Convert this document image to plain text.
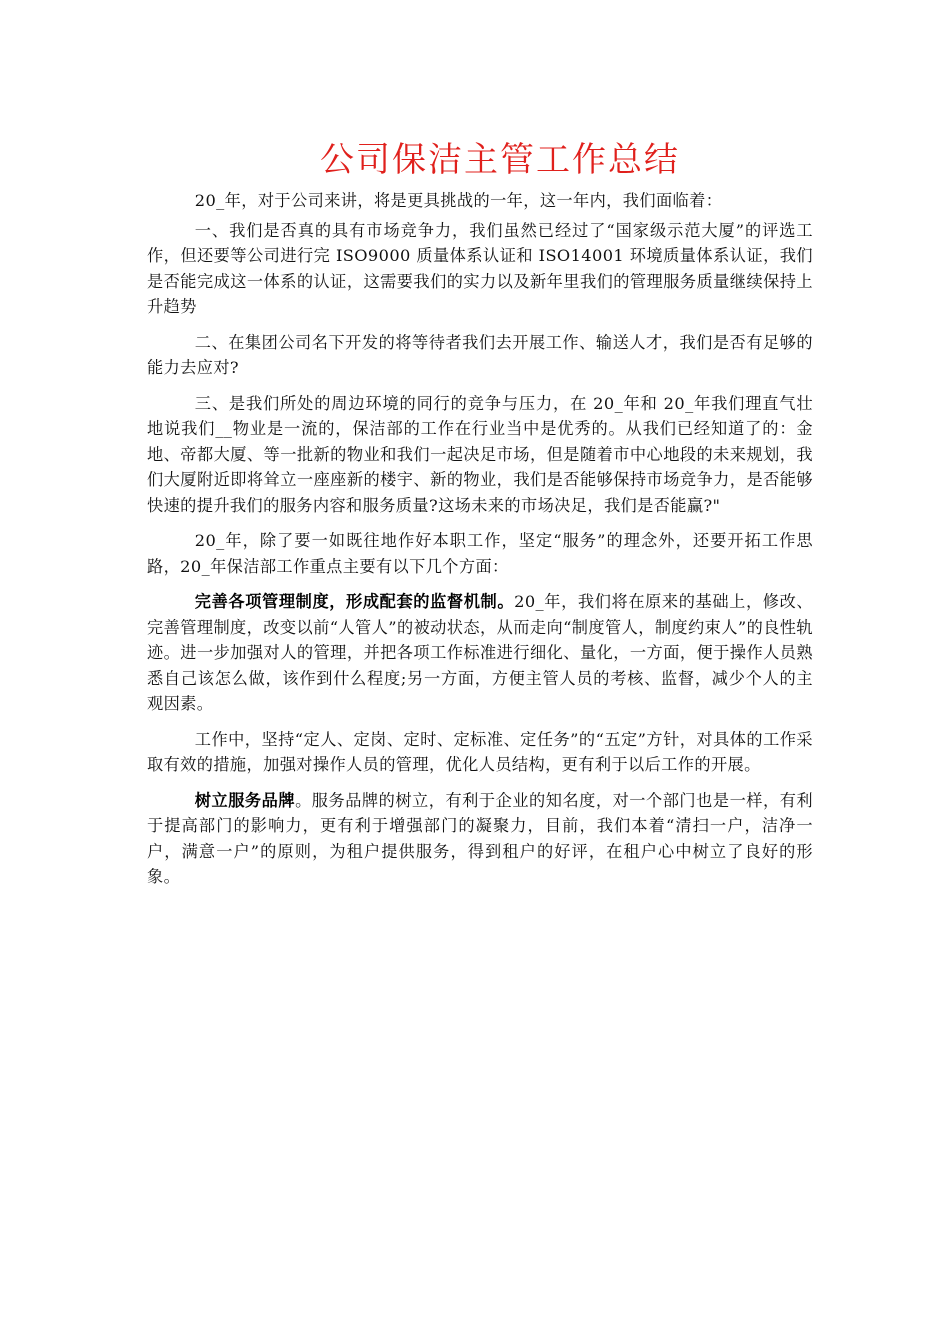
公司保洁主管工作总结

20_年，对于公司来讲，将是更具挑战的一年，这一年内，我们面临着：

一、我们是否真的具有市场竞争力，我们虽然已经过了“国家级示范大厦”的评选工作，但还要等公司进行完 ISO9000 质量体系认证和 ISO14001 环境质量体系认证，我们是否能完成这一体系的认证，这需要我们的实力以及新年里我们的管理服务质量继续保持上升趋势

二、在集团公司名下开发的将等待者我们去开展工作、输送人才，我们是否有足够的能力去应对?

三、是我们所处的周边环境的同行的竞争与压力，在 20_年和 20_年我们理直气壮地说我们__物业是一流的，保洁部的工作在行业当中是优秀的。从我们已经知道了的：金地、帝都大厦、等一批新的物业和我们一起决足市场，但是随着市中心地段的未来规划，我们大厦附近即将耸立一座座新的楼宇、新的物业，我们是否能够保持市场竞争力，是否能够快速的提升我们的服务内容和服务质量?这场未来的市场决足，我们是否能赢?"

20_年，除了要一如既往地作好本职工作，坚定“服务”的理念外，还要开拓工作思路，20_年保洁部工作重点主要有以下几个方面：

完善各项管理制度，形成配套的监督机制。20_年，我们将在原来的基础上，修改、完善管理制度，改变以前“人管人”的被动状态，从而走向“制度管人，制度约束人”的良性轨迹。进一步加强对人的管理，并把各项工作标准进行细化、量化，一方面，便于操作人员熟悉自己该怎么做，该作到什么程度;另一方面，方便主管人员的考核、监督，减少个人的主观因素。

工作中，坚持“定人、定岗、定时、定标准、定任务”的“五定”方针，对具体的工作采取有效的措施，加强对操作人员的管理，优化人员结构，更有利于以后工作的开展。

树立服务品牌。服务品牌的树立，有利于企业的知名度，对一个部门也是一样，有利于提高部门的影响力，更有利于增强部门的凝聚力，目前，我们本着“清扫一户，洁净一户，满意一户”的原则，为租户提供服务，得到租户的好评，在租户心中树立了良好的形象。
